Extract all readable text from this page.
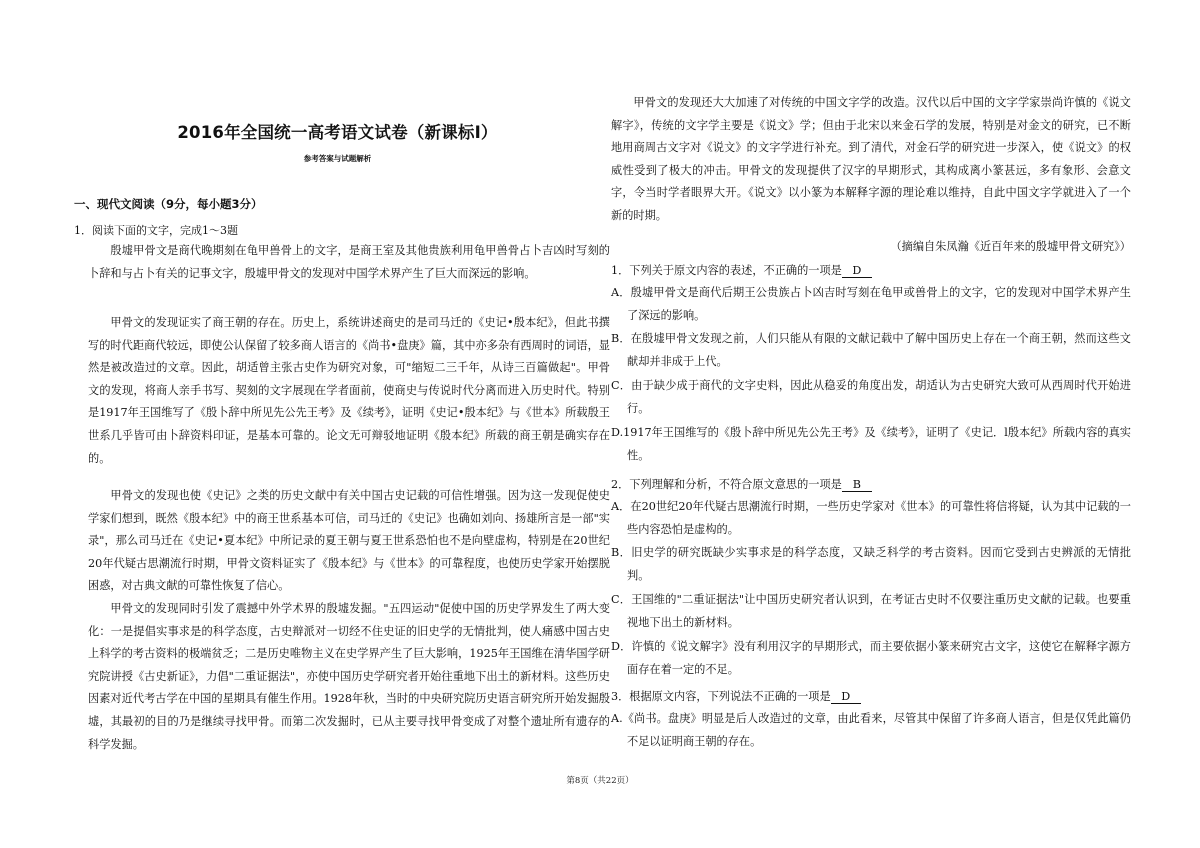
2016年全国统一高考语文试卷（新课标Ⅰ）
参考答案与试题解析
一、现代文阅读（9分，每小题3分）
1．阅读下面的文字，完成1～3题

殷墟甲骨文是商代晚期刻在龟甲兽骨上的文字，是商王室及其他贵族利用龟甲兽骨占卜吉凶时写刻的卜辞和与占卜有关的记事文字，殷墟甲骨文的发现对中国学术界产生了巨大而深远的影响。

甲骨文的发现证实了商王朝的存在。历史上，系统讲述商史的是司马迁的《史记•殷本纪》，但此书撰写的时代距商代较远，即使公认保留了较多商人语言的《尚书•盘庚》篇，其中亦多杂有西周时的词语，显然是被改造过的文章。因此，胡适曾主张古史作为研究对象，可"缩短二三千年，从诗三百篇做起"。甲骨文的发现，将商人亲手书写、契刻的文字展现在学者面前，使商史与传说时代分离而进入历史时代。特别是1917年王国维写了《殷卜辞中所见先公先王考》及《续考》，证明《史记•殷本纪》与《世本》所载殷王世系几乎皆可由卜辞资料印证，是基本可靠的。论文无可辩驳地证明《殷本纪》所载的商王朝是确实存在的。

甲骨文的发现也使《史记》之类的历史文献中有关中国古史记载的可信性增强。因为这一发现促使史学家们想到，既然《殷本纪》中的商王世系基本可信，司马迁的《史记》也确如刘向、扬雄所言是一部"实录"，那么司马迁在《史记•夏本纪》中所记录的夏王朝与夏王世系恐怕也不是向壁虚构，特别是在20世纪20年代疑古思潮流行时期，甲骨文资料证实了《殷本纪》与《世本》的可靠程度，也使历史学家开始摆脱困惑，对古典文献的可靠性恢复了信心。

甲骨文的发现同时引发了震撼中外学术界的殷墟发掘。"五四运动"促使中国的历史学界发生了两大变化：一是提倡实事求是的科学态度，古史辩派对一切经不住史证的旧史学的无情批判，使人痛感中国古史上科学的考古资料的极端贫乏；二是历史唯物主义在史学界产生了巨大影响，1925年王国维在清华国学研究院讲授《古史新证》，力倡"二重证据法"，亦使中国历史学研究者开始往重地下出土的新材料。这些历史因素对近代考古学在中国的星期具有催生作用。1928年秋，当时的中央研究院历史语言研究所开始发掘殷墟，其最初的目的乃是继续寻找甲骨。而第二次发掘时，已从主要寻找甲骨变成了对整个遗址所有遗存的科学发掘。

甲骨文的发现还大大加速了对传统的中国文字学的改造。汉代以后中国的文字学家崇尚许慎的《说文解字》，传统的文字学主要是《说文》学；但由于北宋以来金石学的发展，特别是对金文的研究，已不断地用商周古文字对《说文》的文字学进行补充。到了清代，对金石学的研究进一步深入，使《说文》的权威性受到了极大的冲击。甲骨文的发现提供了汉字的早期形式，其构成离小篆甚远，多有象形、会意文字，令当时学者眼界大开。《说文》以小篆为本解释字源的理论难以维持，自此中国文字学就进入了一个新的时期。

（摘编自朱凤瀚《近百年来的殷墟甲骨文研究》）
1．下列关于原文内容的表述，不正确的一项是 D

A．殷墟甲骨文是商代后期王公贵族占卜凶吉时写刻在龟甲或兽骨上的文字，它的发现对中国学术界产生了深远的影响。

B．在殷墟甲骨文发现之前，人们只能从有限的文献记载中了解中国历史上存在一个商王朝，然而这些文献却并非成于上代。

C．由于缺少成于商代的文字史料，因此从稳妥的角度出发，胡适认为古史研究大致可从西周时代开始进行。

D.1917年王国维写的《殷卜辞中所见先公先王考》及《续考》，证明了《史记．l殷本纪》所载内容的真实性。

2．下列理解和分析，不符合原文意思的一项是 B

A．在20世纪20年代疑古思潮流行时期，一些历史学家对《世本》的可靠性将信将疑，认为其中记载的一些内容恐怕是虚构的。

B．旧史学的研究既缺少实事求是的科学态度，又缺乏科学的考古资料。因而它受到古史辨派的无情批判。

C．王国维的"二重证据法"让中国历史研究者认识到，在考证古史时不仅要注重历史文献的记载。也要重视地下出土的新材料。

D．许慎的《说文解字》没有利用汉字的早期形式，而主要依据小篆来研究古文字，这使它在解释字源方面存在着一定的不足。

3．根据原文内容，下列说法不正确的一项是 D

A.《尚书。盘庚》明显是后人改造过的文章，由此看来，尽管其中保留了许多商人语言，但是仅凭此篇仍不足以证明商王朝的存在。

第8页（共22页）
